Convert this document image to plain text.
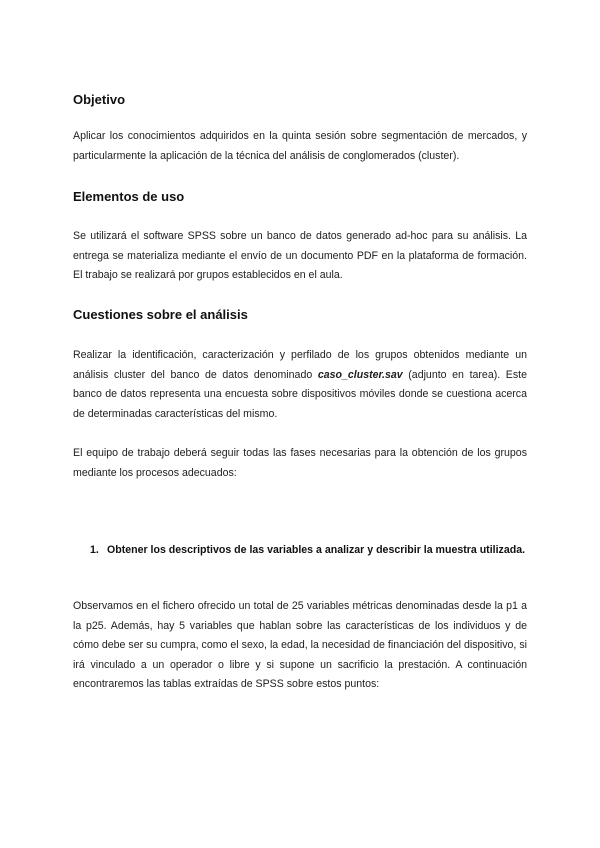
Objetivo

Aplicar los conocimientos adquiridos en la quinta sesión sobre segmentación de mercados, y particularmente la aplicación de la técnica del análisis de conglomerados (cluster).

Elementos de uso

Se utilizará el software SPSS sobre un banco de datos generado ad-hoc para su análisis. La entrega se materializa mediante el envío de un documento PDF en la plataforma de formación. El trabajo se realizará por grupos establecidos en el aula.

Cuestiones sobre el análisis

Realizar la identificación, caracterización y perfilado de los grupos obtenidos mediante un análisis cluster del banco de datos denominado caso_cluster.sav (adjunto en tarea). Este banco de datos representa una encuesta sobre dispositivos móviles donde se cuestiona acerca de determinadas características del mismo.

El equipo de trabajo deberá seguir todas las fases necesarias para la obtención de los grupos mediante los procesos adecuados:

1. Obtener los descriptivos de las variables a analizar y describir la muestra utilizada.

Observamos en el fichero ofrecido un total de 25 variables métricas denominadas desde la p1 a la p25. Además, hay 5 variables que hablan sobre las características de los individuos y de cómo debe ser su cumpra, como el sexo, la edad, la necesidad de financiación del dispositivo, si irá vinculado a un operador o libre y si supone un sacrificio la prestación. A continuación encontraremos las tablas extraídas de SPSS sobre estos puntos:
